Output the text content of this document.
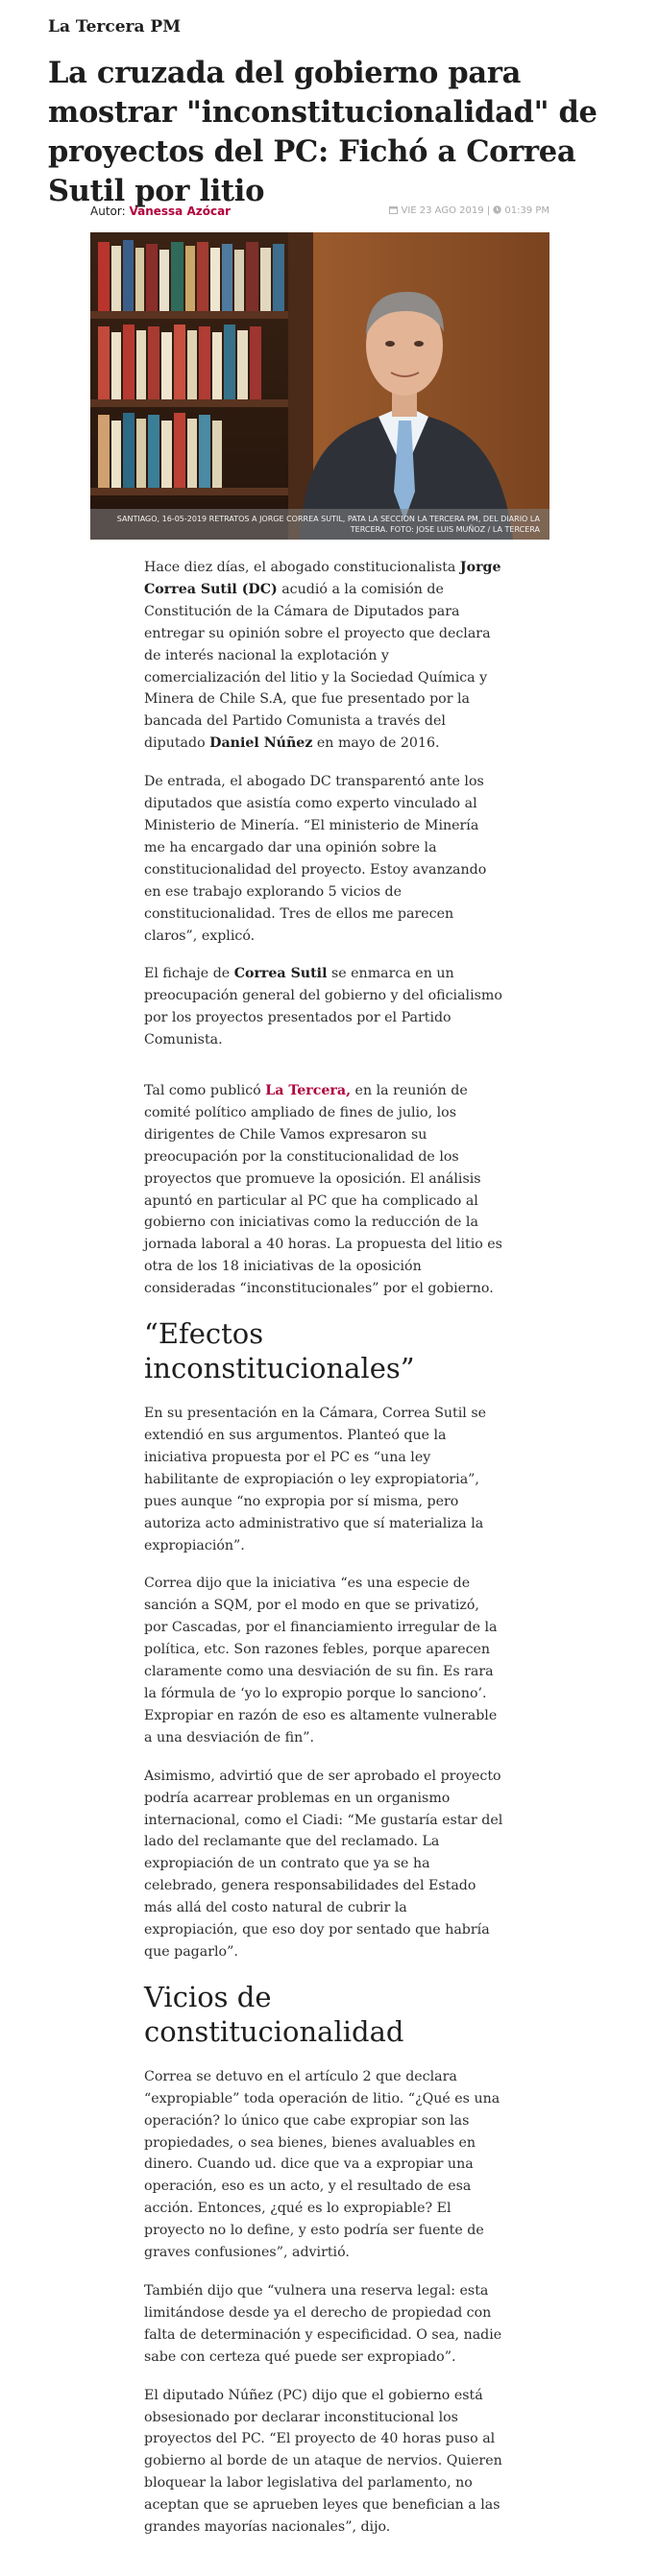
La Tercera PM
La cruzada del gobierno para mostrar "inconstitucionalidad" de proyectos del PC: Fichó a Correa Sutil por litio
Autor: Vanessa Azócar	VIE 23 AGO 2019 | 01:39 PM
SANTIAGO, 16-05-2019 RETRATOS A JORGE CORREA SUTIL, PATA LA SECCION LA TERCERA PM, DEL DIARIO LA TERCERA. FOTO: JOSE LUIS MUÑOZ / LA TERCERA

Hace diez días, el abogado constitucionalista Jorge Correa Sutil (DC) acudió a la comisión de Constitución de la Cámara de Diputados para entregar su opinión sobre el proyecto que declara de interés nacional la explotación y comercialización del litio y la Sociedad Química y Minera de Chile S.A, que fue presentado por la bancada del Partido Comunista a través del diputado Daniel Núñez en mayo de 2016.

De entrada, el abogado DC transparentó ante los diputados que asistía como experto vinculado al Ministerio de Minería. “El ministerio de Minería me ha encargado dar una opinión sobre la constitucionalidad del proyecto. Estoy avanzando en ese trabajo explorando 5 vicios de constitucionalidad. Tres de ellos me parecen claros”, explicó.

El fichaje de Correa Sutil se enmarca en un preocupación general del gobierno y del oficialismo por los proyectos presentados por el Partido Comunista.

Tal como publicó La Tercera, en la reunión de comité político ampliado de fines de julio, los dirigentes de Chile Vamos expresaron su preocupación por la constitucionalidad de los proyectos que promueve la oposición. El análisis apuntó en particular al PC que ha complicado al gobierno con iniciativas como la reducción de la jornada laboral a 40 horas. La propuesta del litio es otra de los 18 iniciativas de la oposición consideradas “inconstitucionales” por el gobierno.

“Efectos inconstitucionales”

En su presentación en la Cámara, Correa Sutil se extendió en sus argumentos. Planteó que la iniciativa propuesta por el PC es “una ley habilitante de expropiación o ley expropiatoria”, pues aunque “no expropia por sí misma, pero autoriza acto administrativo que sí materializa la expropiación”.

Correa dijo que la iniciativa “es una especie de sanción a SQM, por el modo en que se privatizó, por Cascadas, por el financiamiento irregular de la política, etc. Son razones febles, porque aparecen claramente como una desviación de su fin. Es rara la fórmula de ‘yo lo expropio porque lo sanciono’. Expropiar en razón de eso es altamente vulnerable a una desviación de fin”.

Asimismo, advirtió que de ser aprobado el proyecto podría acarrear problemas en un organismo internacional, como el Ciadi: “Me gustaría estar del lado del reclamante que del reclamado. La expropiación de un contrato que ya se ha celebrado, genera responsabilidades del Estado más allá del costo natural de cubrir la expropiación, que eso doy por sentado que habría que pagarlo”.

Vicios de constitucionalidad

Correa se detuvo en el artículo 2 que declara “expropiable” toda operación de litio. “¿Qué es una operación? lo único que cabe expropiar son las propiedades, o sea bienes, bienes avaluables en dinero. Cuando ud. dice que va a expropiar una operación, eso es un acto, y el resultado de esa acción. Entonces, ¿qué es lo expropiable? El proyecto no lo define, y esto podría ser fuente de graves confusiones”, advirtió.

También dijo que “vulnera una reserva legal: esta limitándose desde ya el derecho de propiedad con falta de determinación y especificidad. O sea, nadie sabe con certeza qué puede ser expropiado”.

El diputado Núñez (PC) dijo que el gobierno está obsesionado por declarar inconstitucional los proyectos del PC. “El proyecto de 40 horas puso al gobierno al borde de un ataque de nervios. Quieren bloquear la labor legislativa del parlamento, no aceptan que se aprueben leyes que benefician a las grandes mayorías nacionales”, dijo.
